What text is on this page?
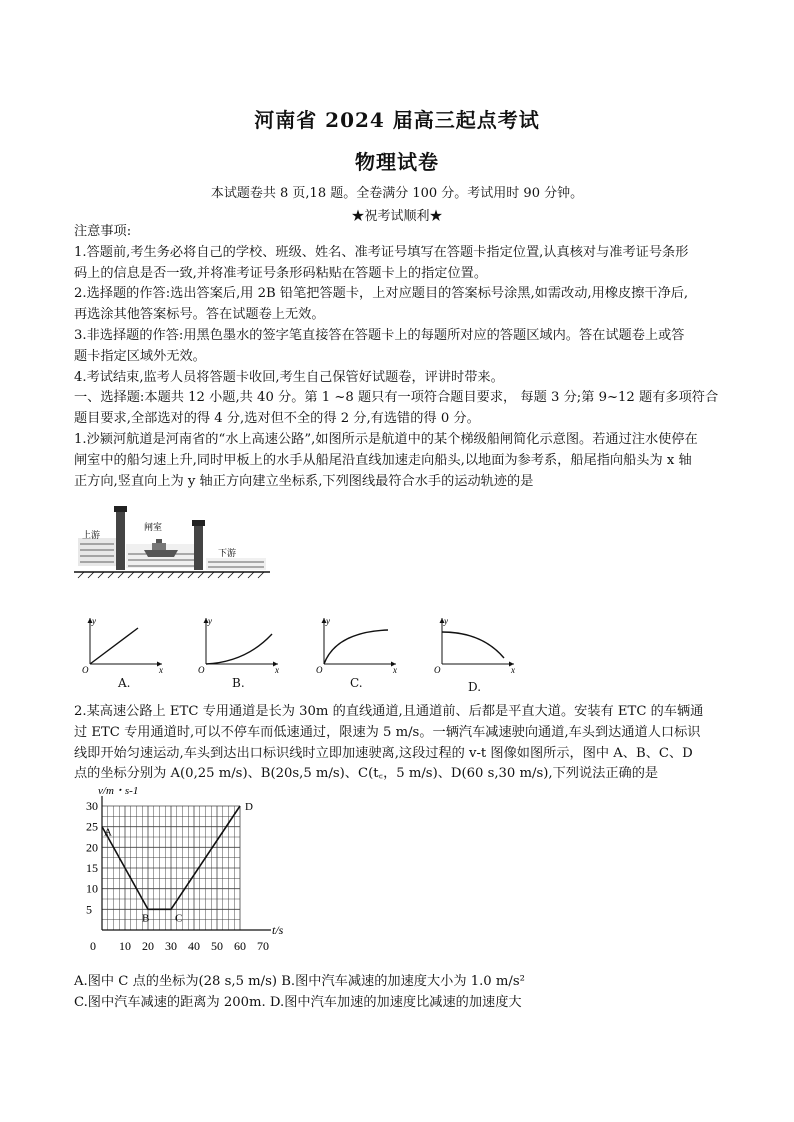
河南省 2024 届高三起点考试
物理试卷
本试题卷共 8 页,18 题。全卷满分 100 分。考试用时 90 分钟。
★祝考试顺利★
注意事项:
1.答题前,考生务必将自己的学校、班级、姓名、准考证号填写在答题卡指定位置,认真核对与准考证号条形
码上的信息是否一致,并将准考证号条形码粘贴在答题卡上的指定位置。
2.选择题的作答:选出答案后,用 2B 铅笔把答题卡，上对应题目的答案标号涂黑,如需改动,用橡皮擦干净后,
再选涂其他答案标号。答在试题卷上无效。
3.非选择题的作答:用黑色墨水的签字笔直接答在答题卡上的每题所对应的答题区域内。答在试题卷上或答
题卡指定区域外无效。
4.考试结束,监考人员将答题卡收回,考生自己保管好试题卷，评讲时带来。
一、选择题:本题共 12 小题,共 40 分。第 1 ~8 题只有一项符合题目要求， 每题 3 分;第 9~12 题有多项符合
题目要求,全部选对的得 4 分,选对但不全的得 2 分,有选错的得 0 分。
1.沙颍河航道是河南省的“水上高速公路”,如图所示是航道中的某个梯级船闸简化示意图。若通过注水使停在
闸室中的船匀速上升,同时甲板上的水手从船尾沿直线加速走向船头,以地面为参考系，船尾指向船头为 x 轴
正方向,竖直向上为 y 轴正方向建立坐标系,下列图线最符合水手的运动轨迹的是
上游
闸室
下游
y
x
O
A.
y
x
O
B.
y
x
O
C.
y
x
O
D.
2.某高速公路上 ETC 专用通道是长为 30m 的直线通道,且通道前、后都是平直大道。安装有 ETC 的车辆通
过 ETC 专用通道时,可以不停车而低速通过，限速为 5 m/s。一辆汽车减速驶向通道,车头到达通道人口标识
线即开始匀速运动,车头到达出口标识线时立即加速驶离,这段过程的 v-t 图像如图所示，图中 A、B、C、D
点的坐标分别为 A(0,25 m/s)、B(20s,5 m/s)、C(t꜀，5 m/s)、D(60 s,30 m/s),下列说法正确的是
0 10 20 30 40 50 60 70
5
10
15
20
25
30
A
B C
D
v/m・s-1
t/s
A.图中 C 点的坐标为(28 s,5 m/s) B.图中汽车减速的加速度大小为 1.0 m/s²
C.图中汽车减速的距离为 200m. D.图中汽车加速的加速度比减速的加速度大
